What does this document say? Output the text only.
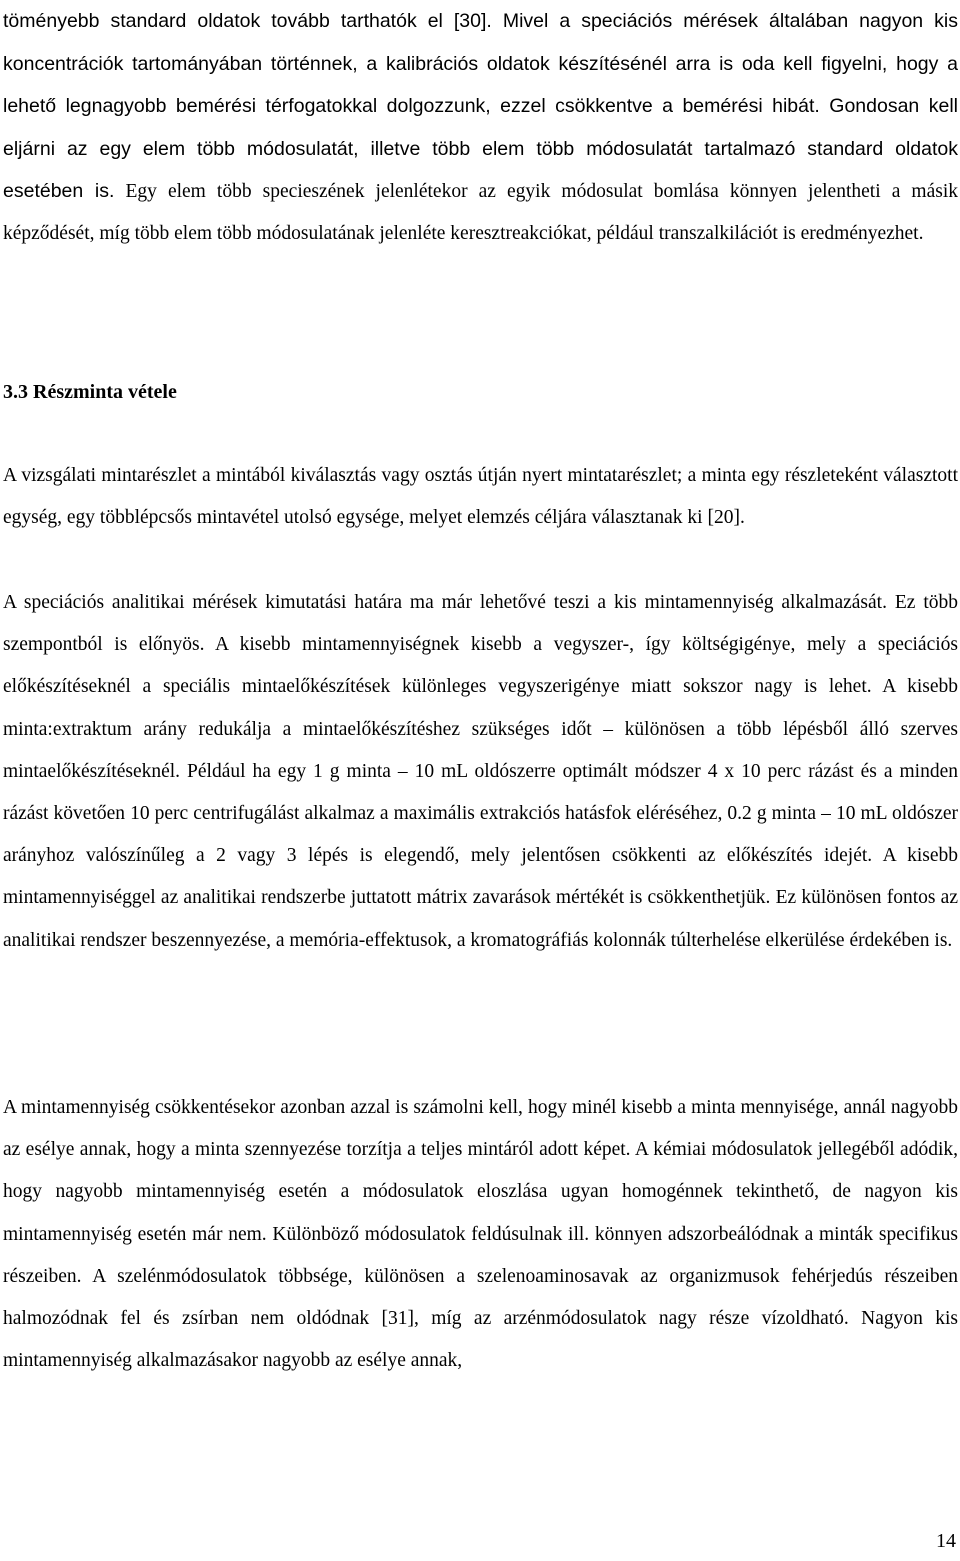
töményebb standard oldatok tovább tarthatók el [30]. Mivel a speciációs mérések általában nagyon kis koncentrációk tartományában történnek, a kalibrációs oldatok készítésénél arra is oda kell figyelni, hogy a lehető legnagyobb bemérési térfogatokkal dolgozzunk, ezzel csökkentve a bemérési hibát. Gondosan kell eljárni az egy elem több módosulatát, illetve több elem több módosulatát tartalmazó standard oldatok esetében is. Egy elem több specieszének jelenlétekor az egyik módosulat bomlása könnyen jelentheti a másik képződését, míg több elem több módosulatának jelenléte keresztreakciókat, például transzalkilációt is eredményezhet.

3.3 Részminta vétele

A vizsgálati mintarészlet a mintából kiválasztás vagy osztás útján nyert mintatarészlet; a minta egy részleteként választott egység, egy többlépcsős mintavétel utolsó egysége, melyet elemzés céljára választanak ki [20].

A speciációs analitikai mérések kimutatási határa ma már lehetővé teszi a kis mintamennyiség alkalmazását. Ez több szempontból is előnyös. A kisebb mintamennyiségnek kisebb a vegyszer-, így költségigénye, mely a speciációs előkészítéseknél a speciális mintaelőkészítések különleges vegyszerigénye miatt sokszor nagy is lehet. A kisebb minta:extraktum arány redukálja a mintaelőkészítéshez szükséges időt – különösen a több lépésből álló szerves mintaelőkészítéseknél. Például ha egy 1 g minta – 10 mL oldószerre optimált módszer 4 x 10 perc rázást és a minden rázást követően 10 perc centrifugálást alkalmaz a maximális extrakciós hatásfok eléréséhez, 0.2 g minta – 10 mL oldószer arányhoz valószínűleg a 2 vagy 3 lépés is elegendő, mely jelentősen csökkenti az előkészítés idejét. A kisebb mintamennyiséggel az analitikai rendszerbe juttatott mátrix zavarások mértékét is csökkenthetjük. Ez különösen fontos az analitikai rendszer beszennyezése, a memória-effektusok, a kromatográfiás kolonnák túlterhelése elkerülése érdekében is.

A mintamennyiség csökkentésekor azonban azzal is számolni kell, hogy minél kisebb a minta mennyisége, annál nagyobb az esélye annak, hogy a minta szennyezése torzítja a teljes mintáról adott képet. A kémiai módosulatok jellegéből adódik, hogy nagyobb mintamennyiség esetén a módosulatok eloszlása ugyan homogénnek tekinthető, de nagyon kis mintamennyiség esetén már nem. Különböző módosulatok feldúsulnak ill. könnyen adszorbeálódnak a minták specifikus részeiben. A szelénmódosulatok többsége, különösen a szelenoaminosavak az organizmusok fehérjedús részeiben halmozódnak fel és zsírban nem oldódnak [31], míg az arzénmódosulatok nagy része vízoldható. Nagyon kis mintamennyiség alkalmazásakor nagyobb az esélye annak,

14
